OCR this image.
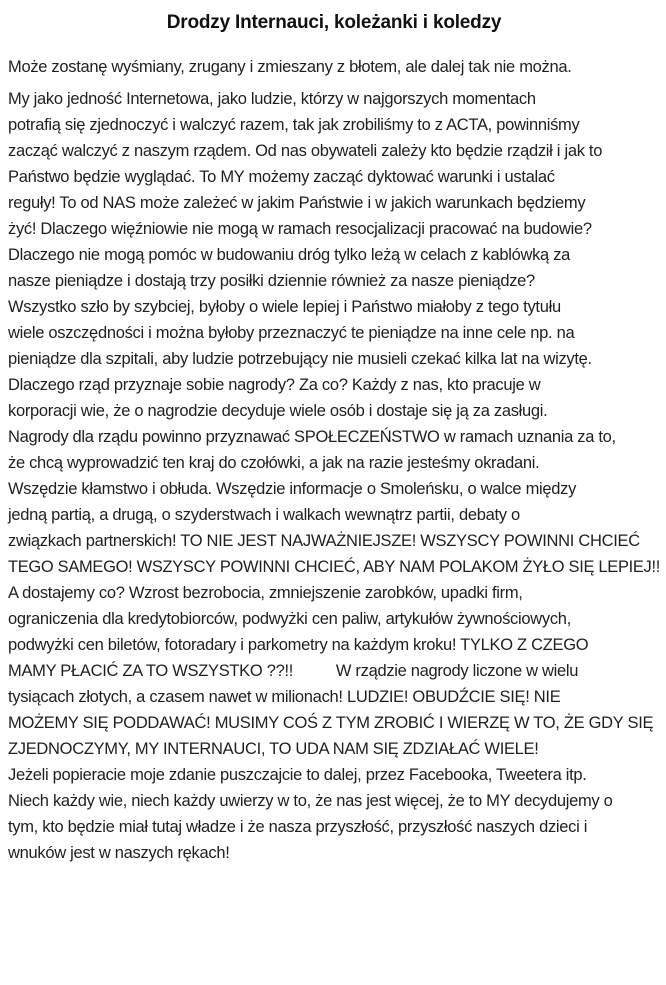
Drodzy Internauci, koleżanki i koledzy

Może zostanę wyśmiany, zrugany i zmieszany z błotem, ale dalej tak nie można.

My jako jedność Internetowa, jako ludzie, którzy w najgorszych momentach
potrafią się zjednoczyć i walczyć razem, tak jak zrobiliśmy to z ACTA, powinniśmy
zacząć walczyć z naszym rządem. Od nas obywateli zależy kto będzie rządził i jak to
Państwo będzie wyglądać. To MY możemy zacząć dyktować warunki i ustalać
reguły! To od NAS może zależeć w jakim Państwie i w jakich warunkach będziemy
żyć! Dlaczego więźniowie nie mogą w ramach resocjalizacji pracować na budowie?
Dlaczego nie mogą pomóc w budowaniu dróg tylko leżą w celach z kablówką za
nasze pieniądze i dostają trzy posiłki dziennie również za nasze pieniądze?
Wszystko szło by szybciej, byłoby o wiele lepiej i Państwo miałoby z tego tytułu
wiele oszczędności i można byłoby przeznaczyć te pieniądze na inne cele np. na
pieniądze dla szpitali, aby ludzie potrzebujący nie musieli czekać kilka lat na wizytę.
Dlaczego rząd przyznaje sobie nagrody? Za co? Każdy z nas, kto pracuje w
korporacji wie, że o nagrodzie decyduje wiele osób i dostaje się ją za zasługi.
Nagrody dla rządu powinno przyznawać SPOŁECZEŃSTWO w ramach uznania za to,
że chcą wyprowadzić ten kraj do czołówki, a jak na razie jesteśmy okradani.
Wszędzie kłamstwo i obłuda. Wszędzie informacje o Smoleńsku, o walce między
jedną partią, a drugą, o szyderstwach i walkach wewnątrz partii, debaty o
związkach partnerskich! TO NIE JEST NAJWAŻNIEJSZE! WSZYSCY POWINNI CHCIEĆ
TEGO SAMEGO! WSZYSCY POWINNI CHCIEĆ, ABY NAM POLAKOM ŻYŁO SIĘ LEPIEJ!!
A dostajemy co? Wzrost bezrobocia, zmniejszenie zarobków, upadki firm,
ograniczenia dla kredytobiorców, podwyżki cen paliw, artykułów żywnościowych,
podwyżki cen biletów, fotoradary i parkometry na każdym kroku! TYLKO Z CZEGO
MAMY PŁACIĆ ZA TO WSZYSTKO ??!!          W rządzie nagrody liczone w wielu
tysiącach złotych, a czasem nawet w milionach! LUDZIE! OBUDŹCIE SIĘ! NIE
MOŻEMY SIĘ PODDAWAĆ! MUSIMY COŚ Z TYM ZROBIĆ I WIERZĘ W TO, ŻE GDY SIĘ
ZJEDNOCZYMY, MY INTERNAUCI, TO UDA NAM SIĘ ZDZIAŁAĆ WIELE!

Jeżeli popieracie moje zdanie puszczajcie to dalej, przez Facebooka, Tweetera itp.
Niech każdy wie, niech każdy uwierzy w to, że nas jest więcej, że to MY decydujemy o
tym, kto będzie miał tutaj władze i że nasza przyszłość, przyszłość naszych dzieci i
wnuków jest w naszych rękach!
